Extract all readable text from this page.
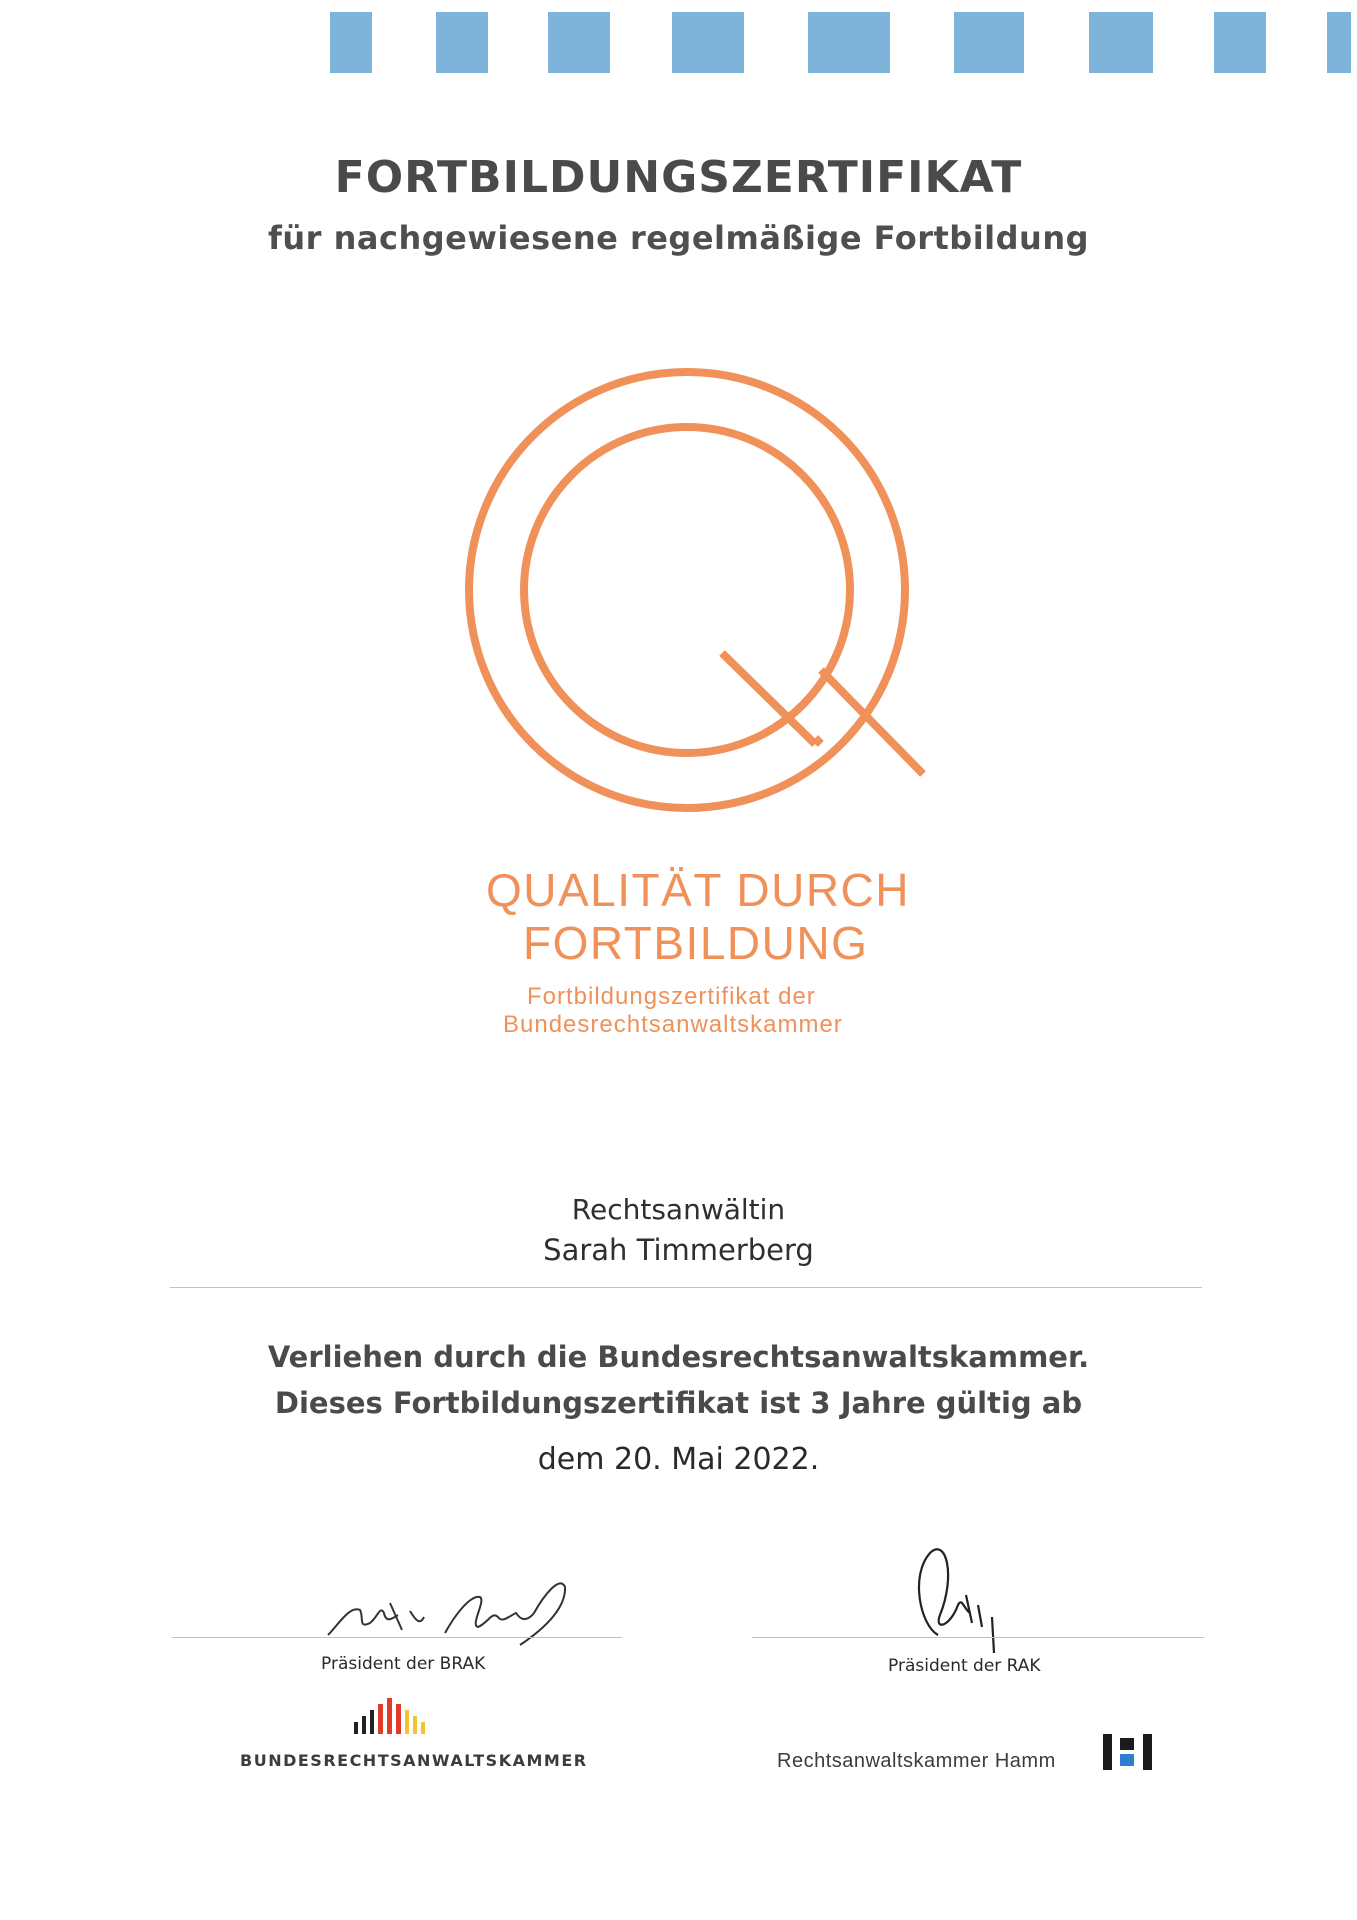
FORTBILDUNGSZERTIFIKAT
für nachgewiesene regelmäßige Fortbildung
QUALITÄT DURCH
FORTBILDUNG
Fortbildungszertifikat der
Bundesrechtsanwaltskammer
Rechtsanwältin
Sarah Timmerberg
Verliehen durch die Bundesrechtsanwaltskammer.
Dieses Fortbildungszertifikat ist 3 Jahre gültig ab
dem 20. Mai 2022.
Präsident der BRAK	Präsident der RAK
BUNDESRECHTSANWALTSKAMMER	Rechtsanwaltskammer Hamm
